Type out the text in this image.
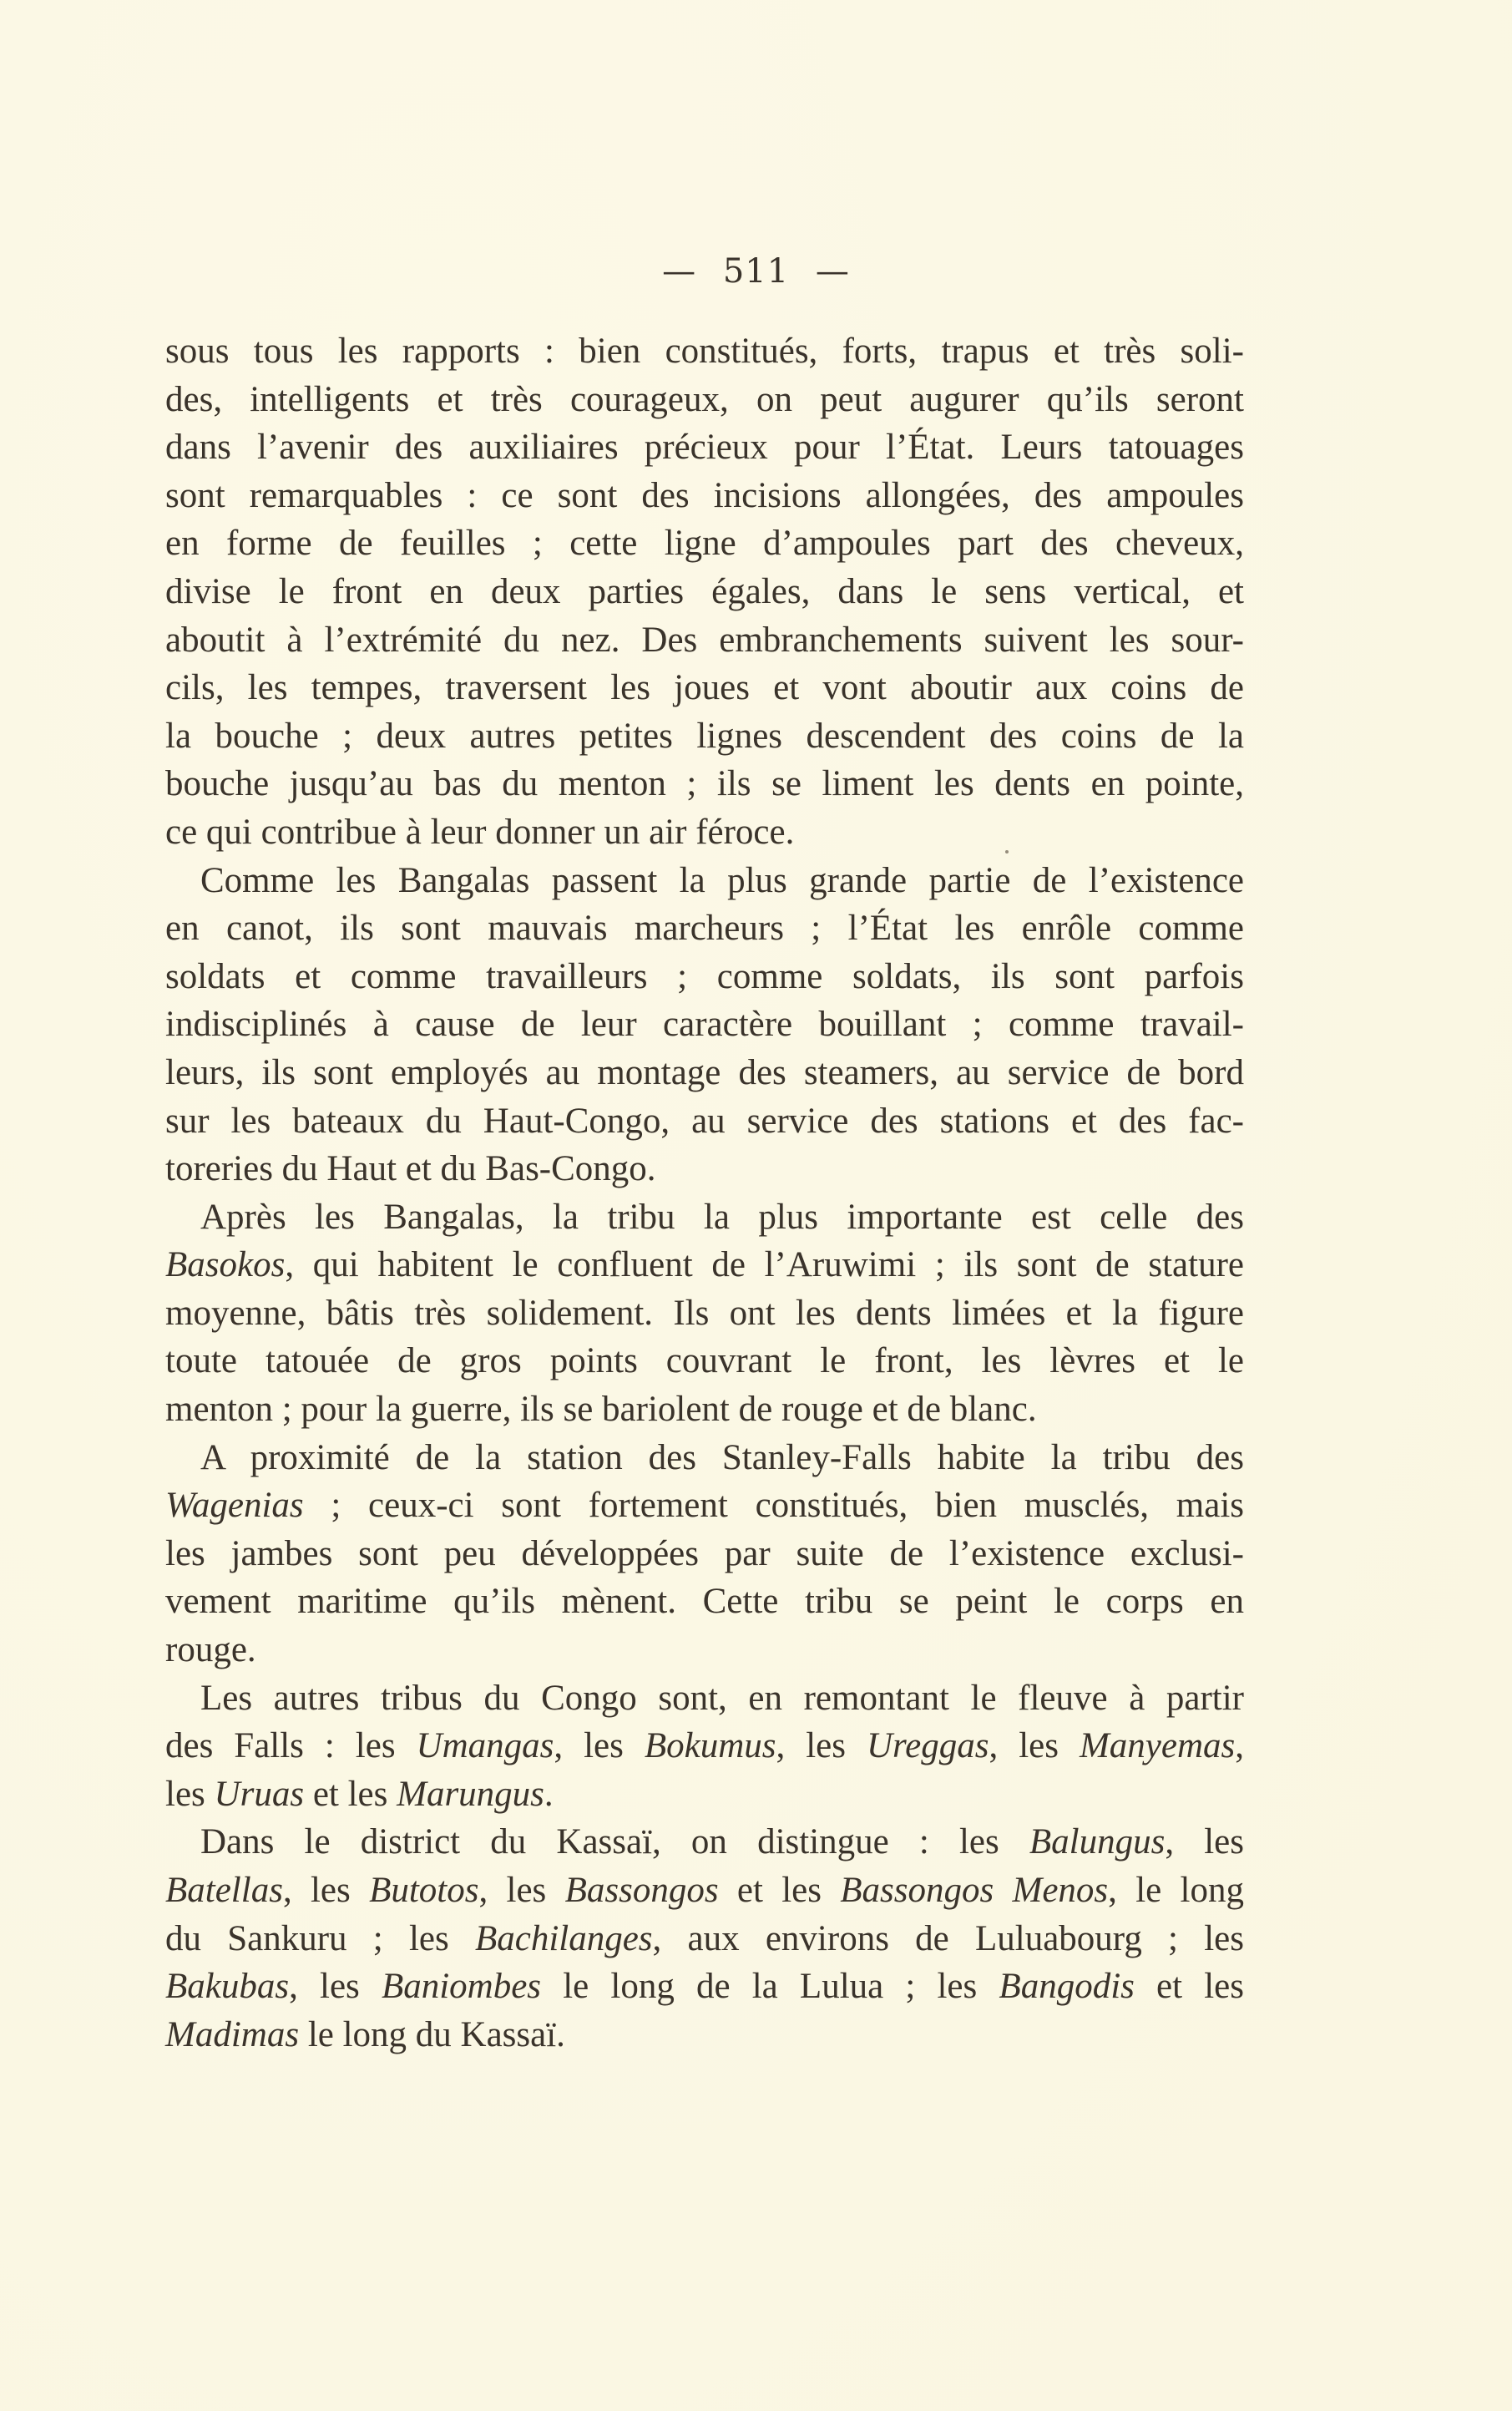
— 511 —
sous tous les rapports : bien constitués, forts, trapus et très soli-
des, intelligents et très courageux, on peut augurer qu’ils seront
dans l’avenir des auxiliaires précieux pour l’État. Leurs tatouages
sont remarquables : ce sont des incisions allongées, des ampoules
en forme de feuilles ; cette ligne d’ampoules part des cheveux,
divise le front en deux parties égales, dans le sens vertical, et
aboutit à l’extrémité du nez. Des embranchements suivent les sour-
cils, les tempes, traversent les joues et vont aboutir aux coins de
la bouche ; deux autres petites lignes descendent des coins de la
bouche jusqu’au bas du menton ; ils se liment les dents en pointe,
ce qui contribue à leur donner un air féroce.
Comme les Bangalas passent la plus grande partie de l’existence
en canot, ils sont mauvais marcheurs ; l’État les enrôle comme
soldats et comme travailleurs ; comme soldats, ils sont parfois
indisciplinés à cause de leur caractère bouillant ; comme travail-
leurs, ils sont employés au montage des steamers, au service de bord
sur les bateaux du Haut-Congo, au service des stations et des fac-
toreries du Haut et du Bas-Congo.
Après les Bangalas, la tribu la plus importante est celle des
Basokos, qui habitent le confluent de l’Aruwimi ; ils sont de stature
moyenne, bâtis très solidement. Ils ont les dents limées et la figure
toute tatouée de gros points couvrant le front, les lèvres et le
menton ; pour la guerre, ils se bariolent de rouge et de blanc.
A proximité de la station des Stanley-Falls habite la tribu des
Wagenias ; ceux-ci sont fortement constitués, bien musclés, mais
les jambes sont peu développées par suite de l’existence exclusi-
vement maritime qu’ils mènent. Cette tribu se peint le corps en
rouge.
Les autres tribus du Congo sont, en remontant le fleuve à partir
des Falls : les Umangas, les Bokumus, les Ureggas, les Manyemas,
les Uruas et les Marungus.
Dans le district du Kassaï, on distingue : les Balungus, les
Batellas, les Butotos, les Bassongos et les Bassongos Menos, le long
du Sankuru ; les Bachilanges, aux environs de Luluabourg ; les
Bakubas, les Baniombes le long de la Lulua ; les Bangodis et les
Madimas le long du Kassaï.
